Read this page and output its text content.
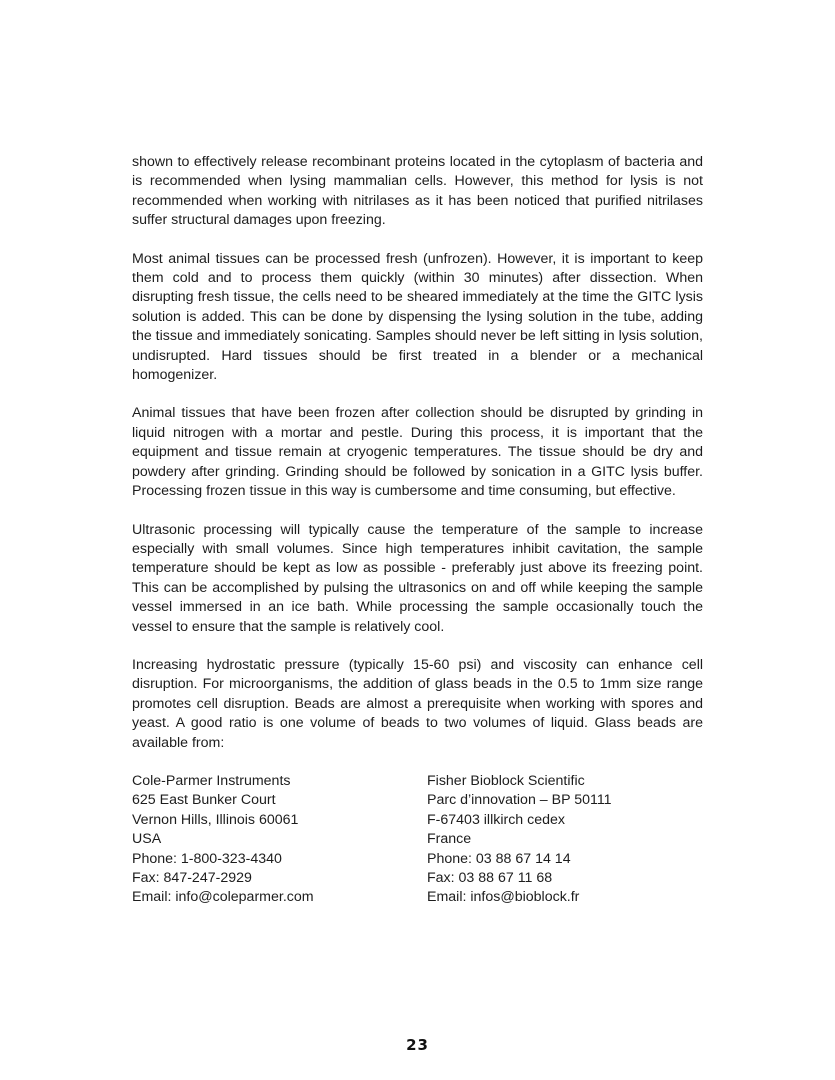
shown to effectively release recombinant proteins located in the cytoplasm of bacteria and is recommended when lysing mammalian cells. However, this method for lysis is not recommended when working with nitrilases as it has been noticed that purified nitrilases suffer structural damages upon freezing.

Most animal tissues can be processed fresh (unfrozen). However, it is important to keep them cold and to process them quickly (within 30 minutes) after dissection. When disrupting fresh tissue, the cells need to be sheared immediately at the time the GITC lysis solution is added. This can be done by dispensing the lysing solution in the tube, adding the tissue and immediately sonicating. Samples should never be left sitting in lysis solution, undisrupted. Hard tissues should be first treated in a blender or a mechanical homogenizer.

Animal tissues that have been frozen after collection should be disrupted by grinding in liquid nitrogen with a mortar and pestle. During this process, it is important that the equipment and tissue remain at cryogenic temperatures. The tissue should be dry and powdery after grinding. Grinding should be followed by sonication in a GITC lysis buffer. Processing frozen tissue in this way is cumbersome and time consuming, but effective.

Ultrasonic processing will typically cause the temperature of the sample to increase especially with small volumes. Since high temperatures inhibit cavitation, the sample temperature should be kept as low as possible - preferably just above its freezing point. This can be accomplished by pulsing the ultrasonics on and off while keeping the sample vessel immersed in an ice bath. While processing the sample occasionally touch the vessel to ensure that the sample is relatively cool.

Increasing hydrostatic pressure (typically 15-60 psi) and viscosity can enhance cell disruption. For microorganisms, the addition of glass beads in the 0.5 to 1mm size range promotes cell disruption. Beads are almost a prerequisite when working with spores and yeast. A good ratio is one volume of beads to two volumes of liquid. Glass beads are available from:

Cole-Parmer Instruments
625 East Bunker Court
Vernon Hills, Illinois 60061
USA
Phone: 1-800-323-4340
Fax: 847-247-2929
Email: info@coleparmer.com
Fisher Bioblock Scientific
Parc d’innovation – BP 50111
F-67403 illkirch cedex
France
Phone: 03 88 67 14 14
Fax: 03 88 67 11 68
Email: infos@bioblock.fr
23
